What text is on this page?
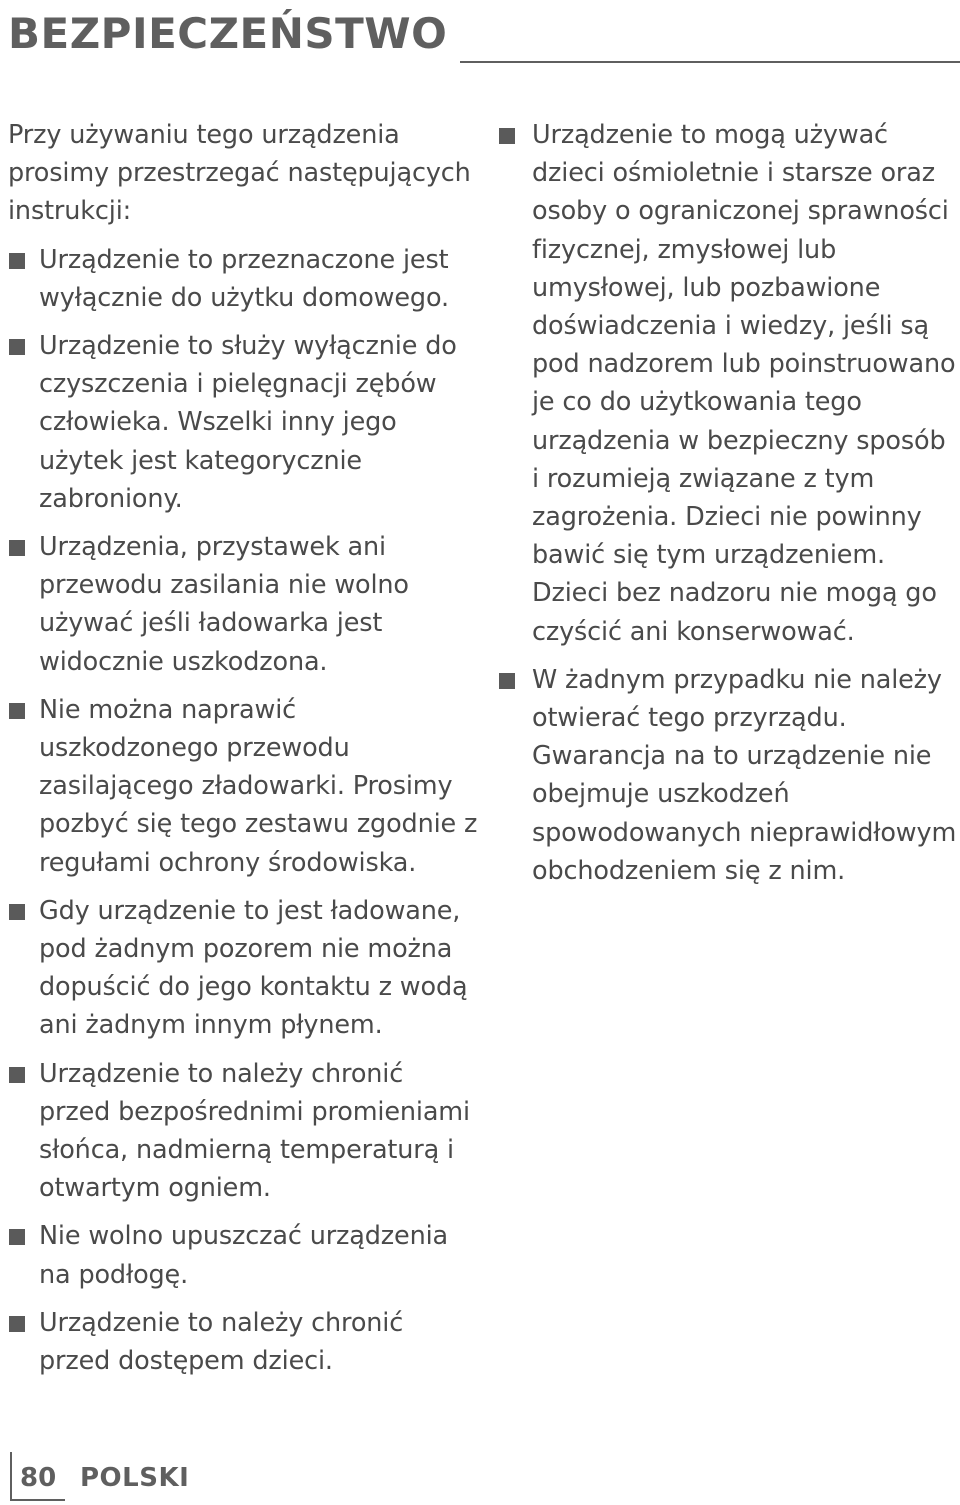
BEZPIECZEŃSTWO

Przy używaniu tego urządzenia prosimy przestrzegać następujących instrukcji:

Urządzenie to przeznaczone jest wyłącznie do użytku domowego.
Urządzenie to służy wyłącznie do czyszczenia i pielęgnacji zębów człowieka. Wszelki inny jego użytek jest kategorycznie zabroniony.
Urządzenia, przystawek ani przewodu zasilania nie wolno używać jeśli ładowarka jest widocznie uszkodzona.
Nie można naprawić uszkodzonego przewodu zasilającego zładowarki. Prosimy pozbyć się tego zestawu zgodnie z regułami ochrony środowiska.
Gdy urządzenie to jest ładowane, pod żadnym pozorem nie można dopuścić do jego kontaktu z wodą ani żadnym innym płynem.
Urządzenie to należy chronić przed bezpośrednimi promieniami słońca, nadmierną temperaturą i otwartym ogniem.
Nie wolno upuszczać urządzenia na podłogę.
Urządzenie to należy chronić przed dostępem dzieci.
Urządzenie to mogą używać dzieci ośmioletnie i starsze oraz osoby o ograniczonej sprawności fizycznej, zmysłowej lub umysłowej, lub pozbawione doświadczenia i wiedzy, jeśli są pod nadzorem lub poinstruowano je co do użytkowania tego urządzenia w bezpieczny sposób i rozumieją związane z tym zagrożenia. Dzieci nie powinny bawić się tym urządzeniem. Dzieci bez nadzoru nie mogą go czyścić ani konserwować.
W żadnym przypadku nie należy otwierać tego przyrządu. Gwarancja na to urządzenie nie obejmuje uszkodzeń spowodowanych nieprawidłowym obchodzeniem się z nim.
80 POLSKI
